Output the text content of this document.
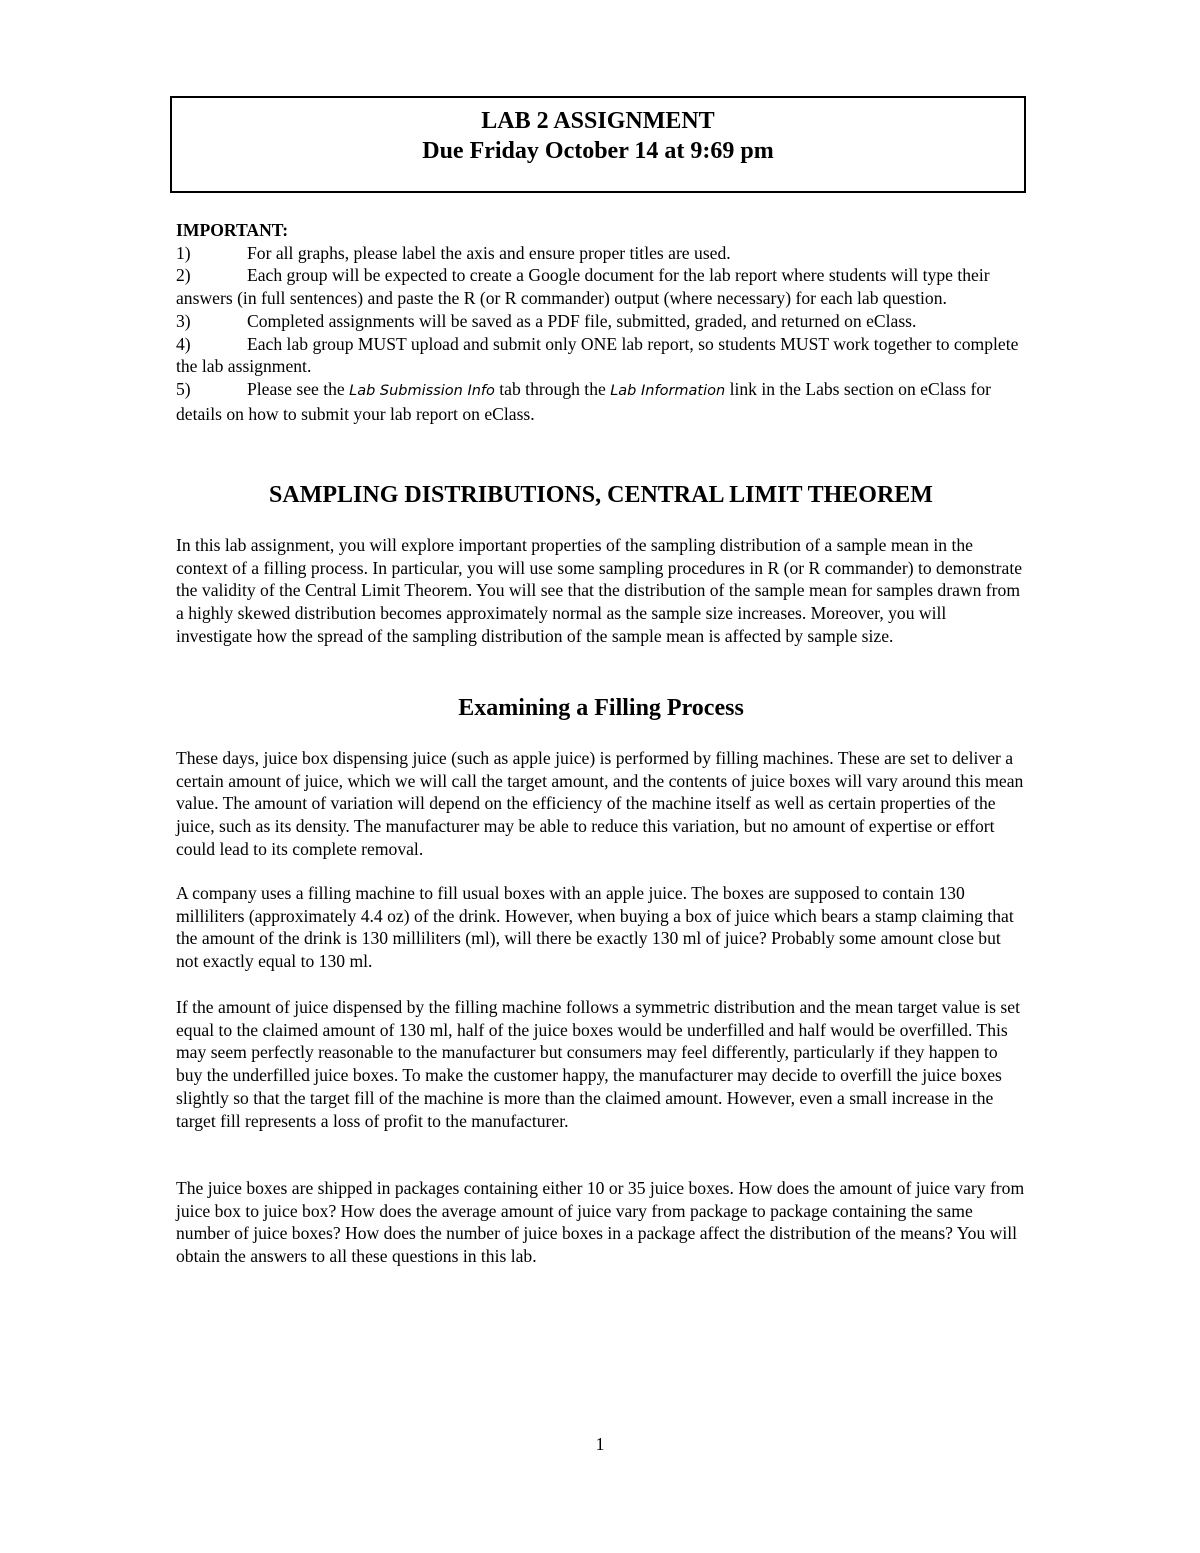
LAB 2 ASSIGNMENT
Due Friday October 14 at 9:69 pm
IMPORTANT:

1)	For all graphs, please label the axis and ensure proper titles are used.

2)	Each group will be expected to create a Google document for the lab report where students will type their answers (in full sentences) and paste the R (or R commander) output (where necessary) for each lab question.

3)	Completed assignments will be saved as a PDF file, submitted, graded, and returned on eClass.

4)	Each lab group MUST upload and submit only ONE lab report, so students MUST work together to complete the lab assignment.

5)	Please see the Lab Submission Info tab through the Lab Information link in the Labs section on eClass for details on how to submit your lab report on eClass.

SAMPLING DISTRIBUTIONS, CENTRAL LIMIT THEOREM

In this lab assignment, you will explore important properties of the sampling distribution of a sample mean in the context of a filling process. In particular, you will use some sampling procedures in R (or R commander) to demonstrate the validity of the Central Limit Theorem. You will see that the distribution of the sample mean for samples drawn from a highly skewed distribution becomes approximately normal as the sample size increases. Moreover, you will investigate how the spread of the sampling distribution of the sample mean is affected by sample size.

Examining a Filling Process

These days, juice box dispensing juice (such as apple juice) is performed by filling machines. These are set to deliver a certain amount of juice, which we will call the target amount, and the contents of juice boxes will vary around this mean value. The amount of variation will depend on the efficiency of the machine itself as well as certain properties of the juice, such as its density. The manufacturer may be able to reduce this variation, but no amount of expertise or effort could lead to its complete removal.

A company uses a filling machine to fill usual boxes with an apple juice. The boxes are supposed to contain 130 milliliters (approximately 4.4 oz) of the drink. However, when buying a box of juice which bears a stamp claiming that the amount of the drink is 130 milliliters (ml), will there be exactly 130 ml of juice? Probably some amount close but not exactly equal to 130 ml.

If the amount of juice dispensed by the filling machine follows a symmetric distribution and the mean target value is set equal to the claimed amount of 130 ml, half of the juice boxes would be underfilled and half would be overfilled. This may seem perfectly reasonable to the manufacturer but consumers may feel differently, particularly if they happen to buy the underfilled juice boxes. To make the customer happy, the manufacturer may decide to overfill the juice boxes slightly so that the target fill of the machine is more than the claimed amount. However, even a small increase in the target fill represents a loss of profit to the manufacturer.

The juice boxes are shipped in packages containing either 10 or 35 juice boxes. How does the amount of juice vary from juice box to juice box? How does the average amount of juice vary from package to package containing the same number of juice boxes? How does the number of juice boxes in a package affect the distribution of the means? You will obtain the answers to all these questions in this lab.

1
